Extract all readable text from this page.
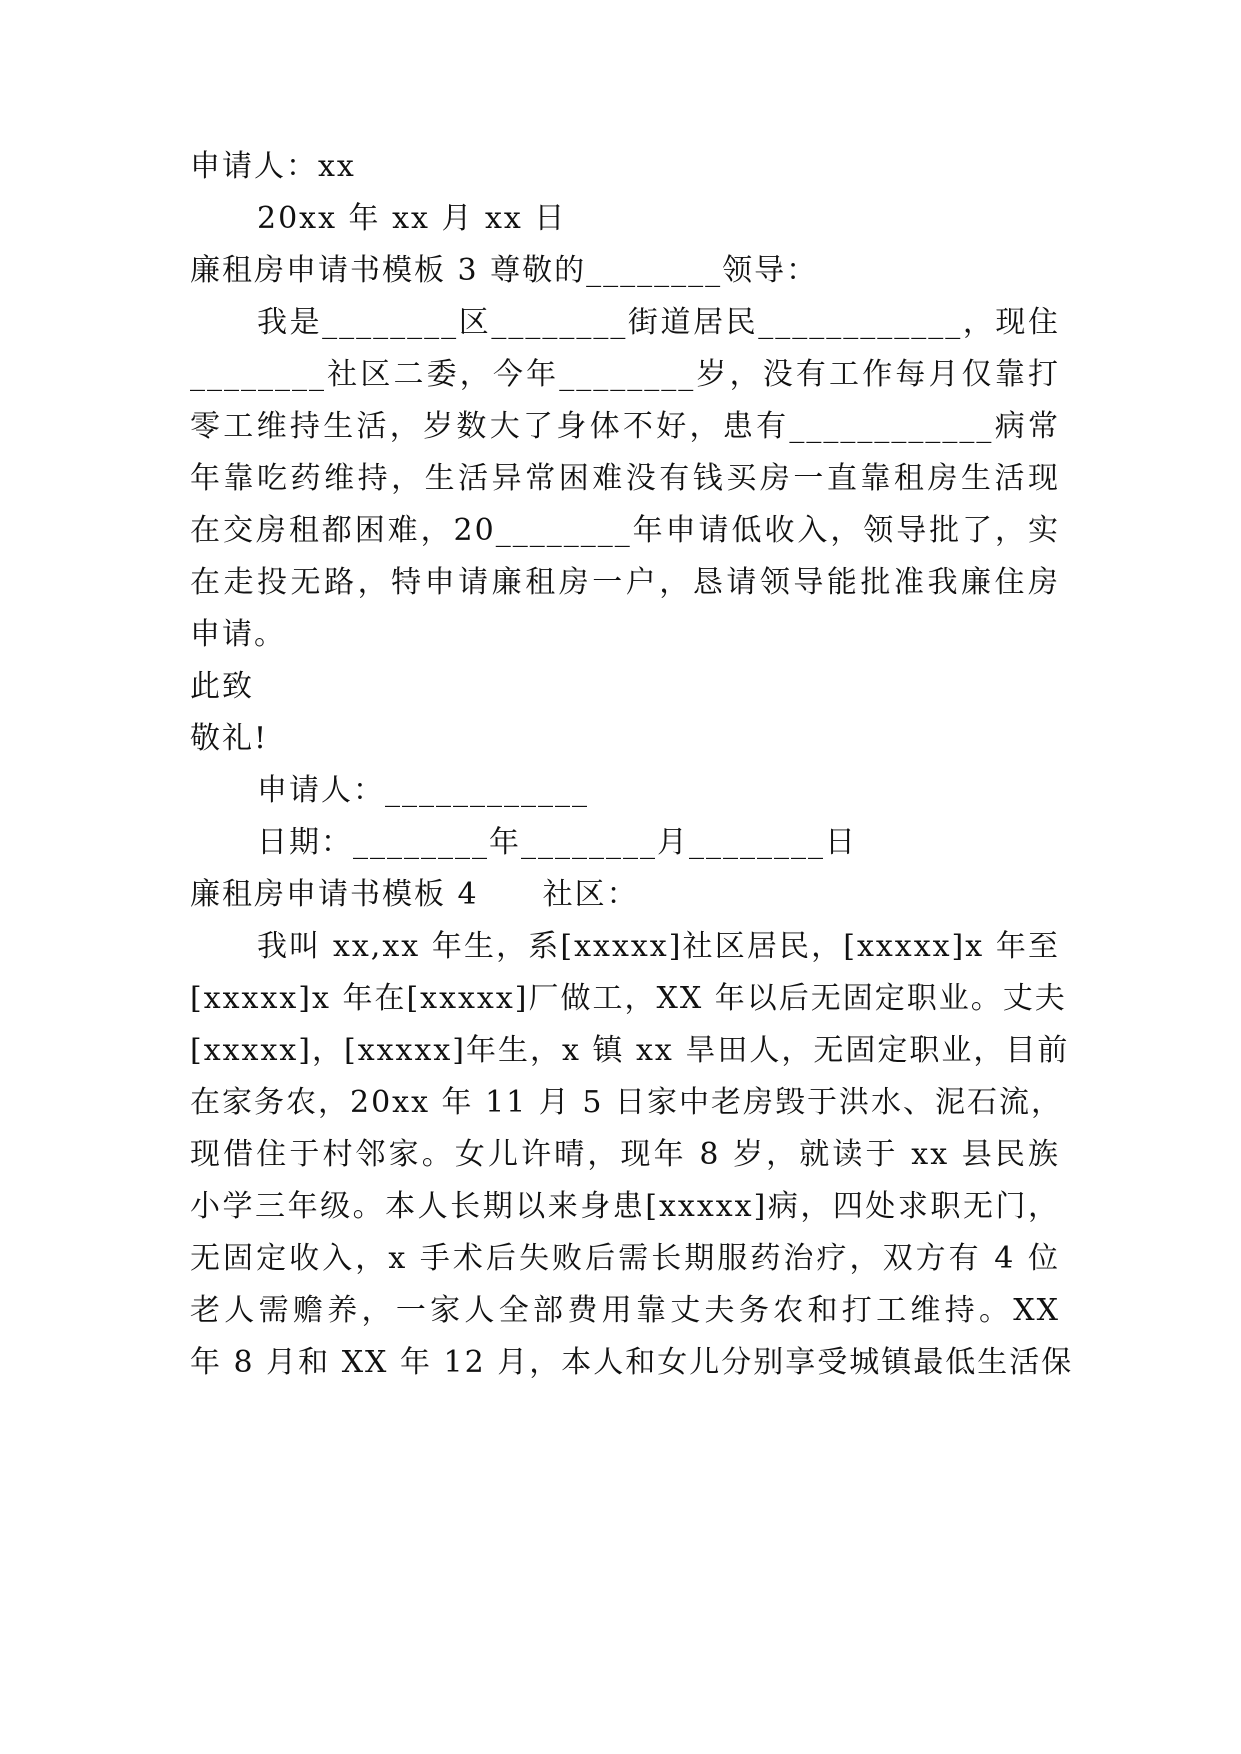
申请人：xx
20xx 年 xx 月 xx 日
廉租房申请书模板 3 尊敬的________领导：
我是________区________街道居民____________，现住
________社区二委，今年________岁，没有工作每月仅靠打
零工维持生活，岁数大了身体不好，患有____________病常
年靠吃药维持，生活异常困难没有钱买房一直靠租房生活现
在交房租都困难，20________年申请低收入，领导批了，实
在走投无路，特申请廉租房一户，恳请领导能批准我廉住房
申请。
此致
敬礼!
申请人：____________
日期：________年________月________日
廉租房申请书模板 4　　社区：
我叫 xx,xx 年生，系[xxxxx]社区居民，[xxxxx]x 年至
[xxxxx]x 年在[xxxxx]厂做工，XX 年以后无固定职业。丈夫
[xxxxx]，[xxxxx]年生，x 镇 xx 旱田人，无固定职业，目前
在家务农，20xx 年 11 月 5 日家中老房毁于洪水、泥石流，
现借住于村邻家。女儿许晴，现年 8 岁，就读于 xx 县民族
小学三年级。本人长期以来身患[xxxxx]病，四处求职无门，
无固定收入，x 手术后失败后需长期服药治疗，双方有 4 位
老人需赡养，一家人全部费用靠丈夫务农和打工维持。XX
年 8 月和 XX 年 12 月，本人和女儿分别享受城镇最低生活保
